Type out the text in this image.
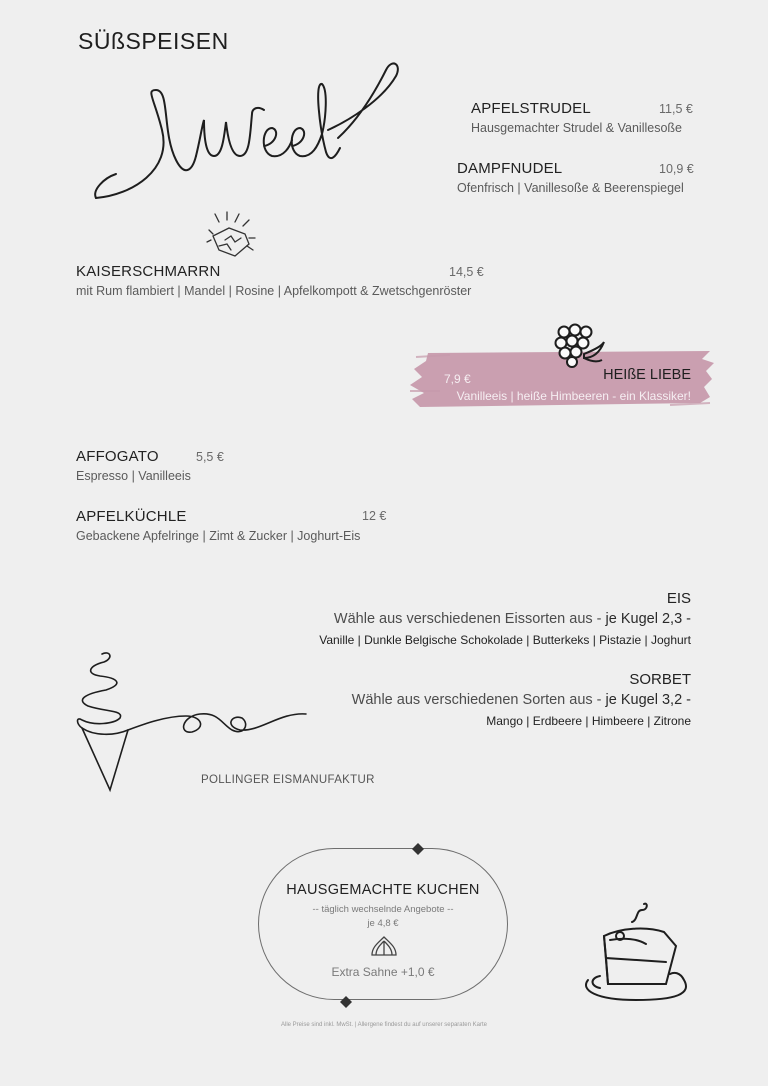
SÜßSPEISEN
APFELSTRUDEL	11,5 €
Hausgemachter Strudel & Vanillesoße
DAMPFNUDEL	10,9 €
Ofenfrisch | Vanillesoße & Beerenspiegel
KAISERSCHMARRN	14,5 €
mit Rum flambiert | Mandel | Rosine | Apfelkompott & Zwetschgenröster
7,9 €	HEIßE LIEBE
Vanilleeis | heiße Himbeeren - ein Klassiker!
AFFOGATO	5,5 €
Espresso | Vanilleeis
APFELKÜCHLE	12 €
Gebackene Apfelringe | Zimt & Zucker | Joghurt-Eis
EIS
Wähle aus verschiedenen Eissorten aus - je Kugel 2,3 -
Vanille | Dunkle Belgische Schokolade | Butterkeks | Pistazie | Joghurt
SORBET
Wähle aus verschiedenen Sorten aus - je Kugel 3,2 -
Mango | Erdbeere | Himbeere | Zitrone
POLLINGER EISMANUFAKTUR
HAUSGEMACHTE KUCHEN
-- täglich wechselnde Angebote --
je 4,8 €
Extra Sahne +1,0 €
Alle Preise sind inkl. MwSt. | Allergene findest du auf unserer separaten Karte
